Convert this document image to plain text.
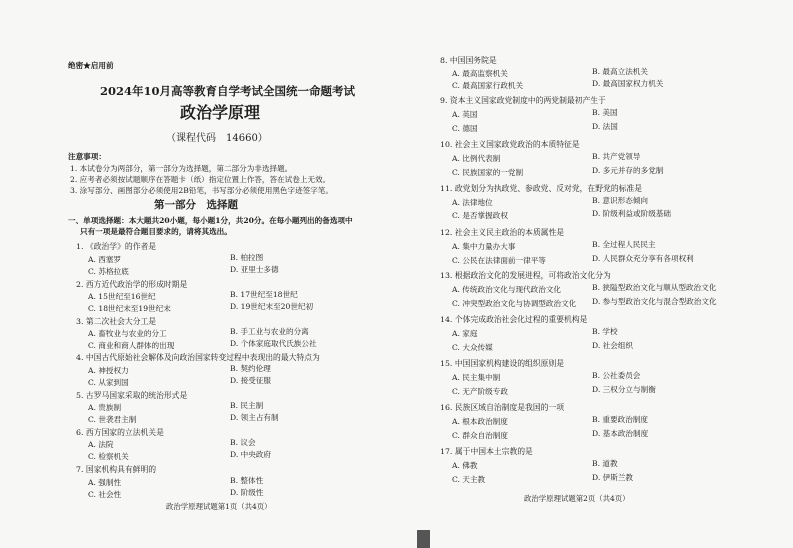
绝密★启用前
2024年10月高等教育自学考试全国统一命题考试
政治学原理
（课程代码　14660）
注意事项：
1. 本试卷分为两部分，第一部分为选择题，第二部分为非选择题。
2. 应考者必须按试题顺序在答题卡（纸）指定位置上作答，答在试卷上无效。
3. 涂写部分、画图部分必须使用2B铅笔，书写部分必须使用黑色字迹签字笔。
第一部分　选择题
一、单项选择题：本大题共20小题，每小题1分，共20分。在每小题列出的备选项中
只有一项是最符合题目要求的，请将其选出。
1. 《政治学》的作者是
A. 西塞罗	B. 柏拉图
C. 苏格拉底	D. 亚里士多德
2. 西方近代政治学的形成时期是
A. 15世纪至16世纪	B. 17世纪至18世纪
C. 18世纪末至19世纪末	D. 19世纪末至20世纪初
3. 第二次社会大分工是
A. 畜牧业与农业的分工	B. 手工业与农业的分离
C. 商业和商人群体的出现	D. 个体家庭取代氏族公社
4. 中国古代原始社会解体及向政治国家转变过程中表现出的最大特点为
A. 神授权力	B. 契约伦理
C. 从家到国	D. 接受征服
5. 古罗马国家采取的统治形式是
A. 贵族制	B. 民主制
C. 世袭君主制	D. 领主占有制
6. 西方国家的立法机关是
A. 法院	B. 议会
C. 检察机关	D. 中央政府
7. 国家机构具有鲜明的
A. 强制性	B. 整体性
C. 社会性	D. 阶级性
政治学原理试题第1页（共4页）
8. 中国国务院是
A. 最高监察机关	B. 最高立法机关
C. 最高国家行政机关	D. 最高国家权力机关
9. 资本主义国家政党制度中的两党制最初产生于
A. 英国	B. 美国
C. 德国	D. 法国
10. 社会主义国家政党政治的本质特征是
A. 比例代表制	B. 共产党领导
C. 民族国家的一党制	D. 多元并存的多党制
11. 政党划分为执政党、参政党、反对党，在野党的标准是
A. 法律地位	B. 意识形态倾向
C. 是否掌握政权	D. 阶级利益或阶级基础
12. 社会主义民主政治的本质属性是
A. 集中力量办大事	B. 全过程人民民主
C. 公民在法律面前一律平等	D. 人民群众充分享有各项权利
13. 根据政治文化的发展进程，可将政治文化分为
A. 传统政治文化与现代政治文化	B. 狭隘型政治文化与顺从型政治文化
C. 冲突型政治文化与协调型政治文化 D. 参与型政治文化与混合型政治文化
14. 个体完成政治社会化过程的重要机构是
A. 家庭	B. 学校
C. 大众传媒	D. 社会组织
15. 中国国家机构建设的组织原则是
A. 民主集中制	B. 公社委员会
C. 无产阶级专政	D. 三权分立与制衡
16. 民族区域自治制度是我国的一项
A. 根本政治制度	B. 重要政治制度
C. 群众自治制度	D. 基本政治制度
17. 属于中国本土宗教的是
A. 佛教	B. 道教
C. 天主教	D. 伊斯兰教
政治学原理试题第2页（共4页）
